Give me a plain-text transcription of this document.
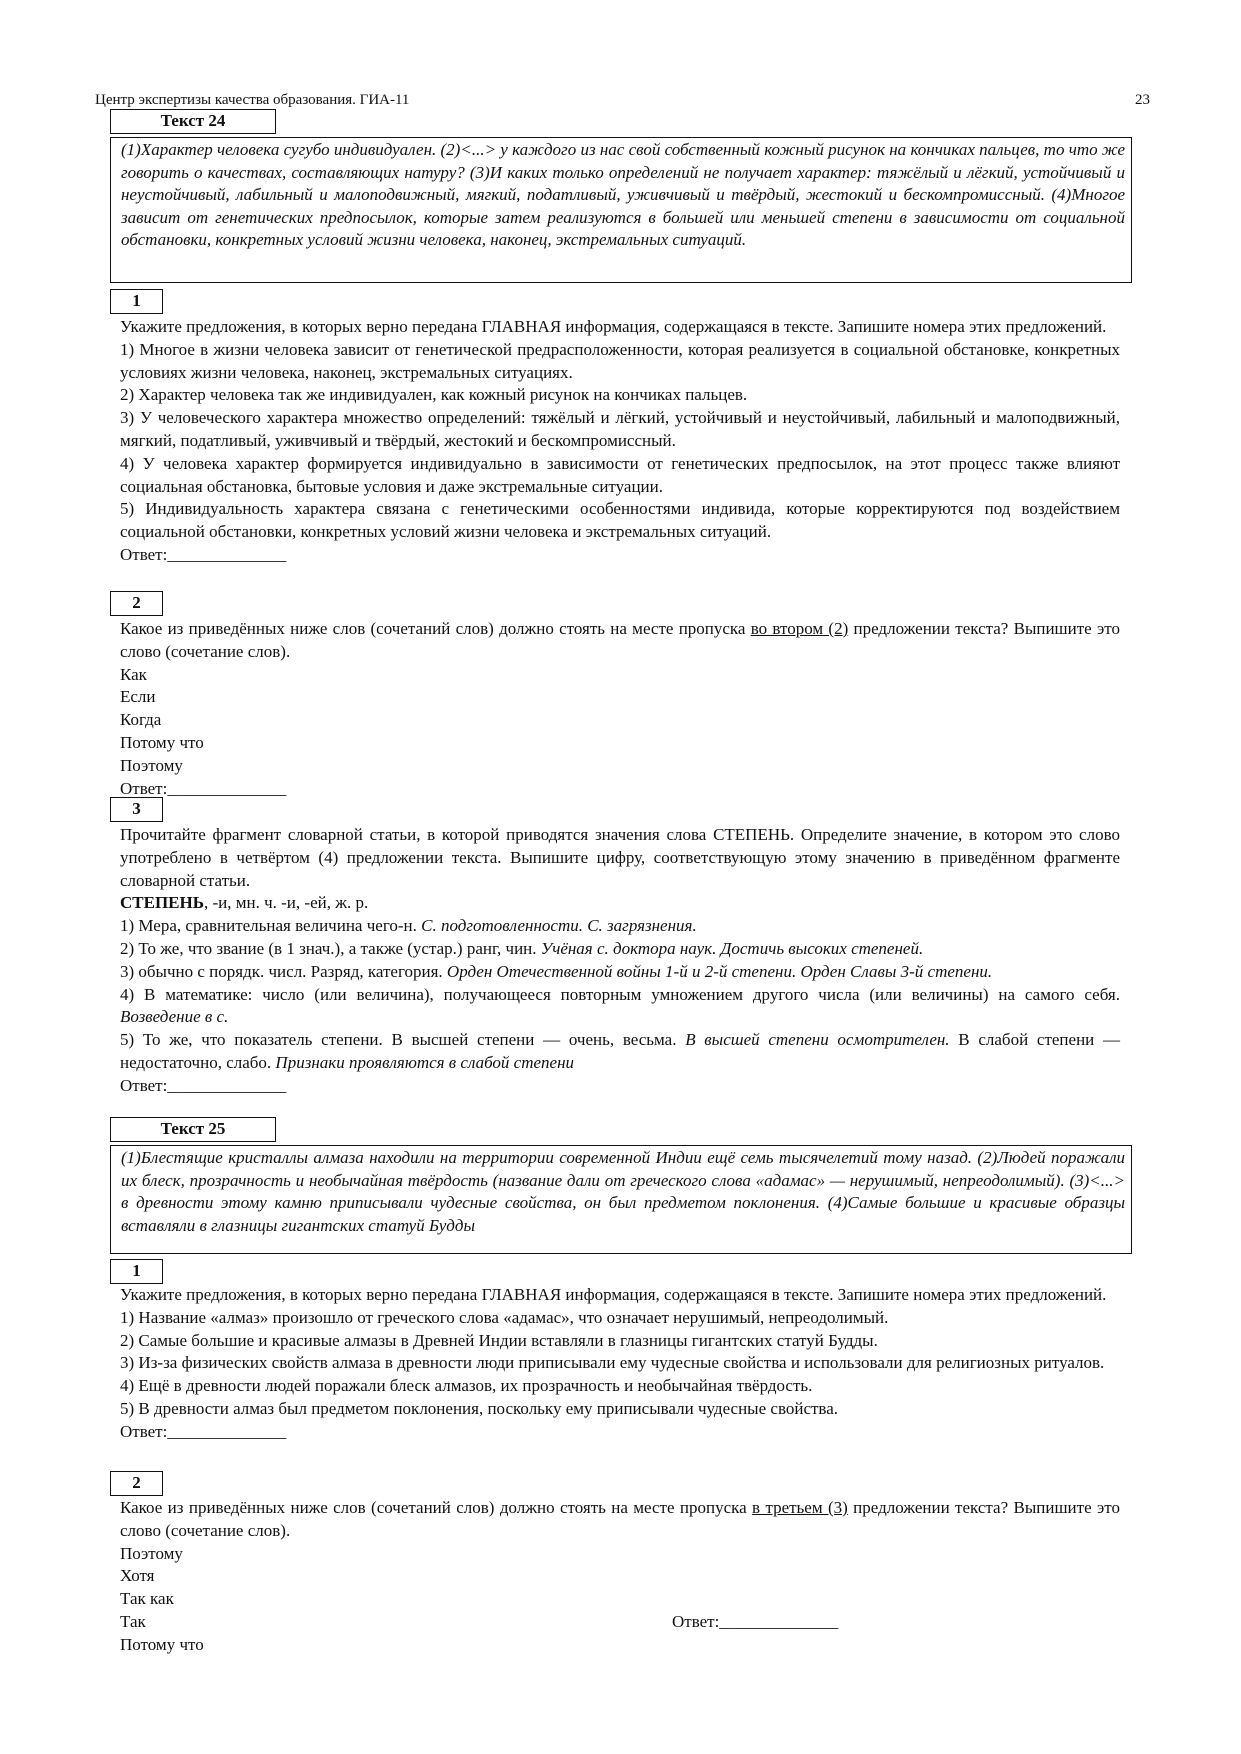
Центр экспертизы качества образования. ГИА-11	23
Текст 24
(1)Характер человека сугубо индивидуален. (2)<...> у каждого из нас свой собственный кожный рисунок на кончиках пальцев, то что же говорить о качествах, составляющих натуру? (3)И каких только определений не получает характер: тяжёлый и лёгкий, устойчивый и неустойчивый, лабильный и малоподвижный, мягкий, податливый, уживчивый и твёрдый, жестокий и бескомпромиссный. (4)Многое зависит от генетических предпосылок, которые затем реализуются в большей или меньшей степени в зависимости от социальной обстановки, конкретных условий жизни человека, наконец, экстремальных ситуаций.
1

Укажите предложения, в которых верно передана ГЛАВНАЯ информация, содержащаяся в тексте. Запишите номера этих предложений.

1) Многое в жизни человека зависит от генетической предрасположенности, которая реализуется в социальной обстановке, конкретных условиях жизни человека, наконец, экстремальных ситуациях.

2) Характер человека так же индивидуален, как кожный рисунок на кончиках пальцев.

3) У человеческого характера множество определений: тяжёлый и лёгкий, устойчивый и неустойчивый, лабильный и малоподвижный, мягкий, податливый, уживчивый и твёрдый, жестокий и бескомпромиссный.

4) У человека характер формируется индивидуально в зависимости от генетических предпосылок, на этот процесс также влияют социальная обстановка, бытовые условия и даже экстремальные ситуации.

5) Индивидуальность характера связана с генетическими особенностями индивида, которые корректируются под воздействием социальной обстановки, конкретных условий жизни человека и экстремальных ситуаций.

Ответ:______________
2

Какое из приведённых ниже слов (сочетаний слов) должно стоять на месте пропуска во втором (2) предложении текста? Выпишите это слово (сочетание слов).

Как
Если
Когда
Потому что
Поэтому
Ответ:______________
3

Прочитайте фрагмент словарной статьи, в которой приводятся значения слова СТЕПЕНЬ. Определите значение, в котором это слово употреблено в четвёртом (4) предложении текста. Выпишите цифру, соответствующую этому значению в приведённом фрагменте словарной статьи.

СТЕПЕНЬ, -и, мн. ч. -и, -ей, ж. р.

1) Мера, сравнительная величина чего-н. С. подготовленности. С. загрязнения.

2) То же, что звание (в 1 знач.), а также (устар.) ранг, чин. Учёная с. доктора наук. Достичь высоких степеней.

3) обычно с порядк. числ. Разряд, категория. Орден Отечественной войны 1-й и 2-й степени. Орден Славы 3-й степени.

4) В математике: число (или величина), получающееся повторным умножением другого числа (или величины) на самого себя. Возведение в с.

5) То же, что показатель степени. В высшей степени — очень, весьма. В высшей степени осмотрителен. В слабой степени — недостаточно, слабо. Признаки проявляются в слабой степени

Ответ:______________
Текст 25
(1)Блестящие кристаллы алмаза находили на территории современной Индии ещё семь тысячелетий тому назад. (2)Людей поражали их блеск, прозрачность и необычайная твёрдость (название дали от греческого слова «адамас» — нерушимый, непреодолимый). (3)<...> в древности этому камню приписывали чудесные свойства, он был предметом поклонения. (4)Самые большие и красивые образцы вставляли в глазницы гигантских статуй Будды
1

Укажите предложения, в которых верно передана ГЛАВНАЯ информация, содержащаяся в тексте. Запишите номера этих предложений.

1) Название «алмаз» произошло от греческого слова «адамас», что означает нерушимый, непреодолимый.

2) Самые большие и красивые алмазы в Древней Индии вставляли в глазницы гигантских статуй Будды.

3) Из-за физических свойств алмаза в древности люди приписывали ему чудесные свойства и использовали для религиозных ритуалов.

4) Ещё в древности людей поражали блеск алмазов, их прозрачность и необычайная твёрдость.

5) В древности алмаз был предметом поклонения, поскольку ему приписывали чудесные свойства.

Ответ:______________
2

Какое из приведённых ниже слов (сочетаний слов) должно стоять на месте пропуска в третьем (3) предложении текста? Выпишите это слово (сочетание слов).

Поэтому
Хотя
Так как
Так
Потому что
Ответ:______________
